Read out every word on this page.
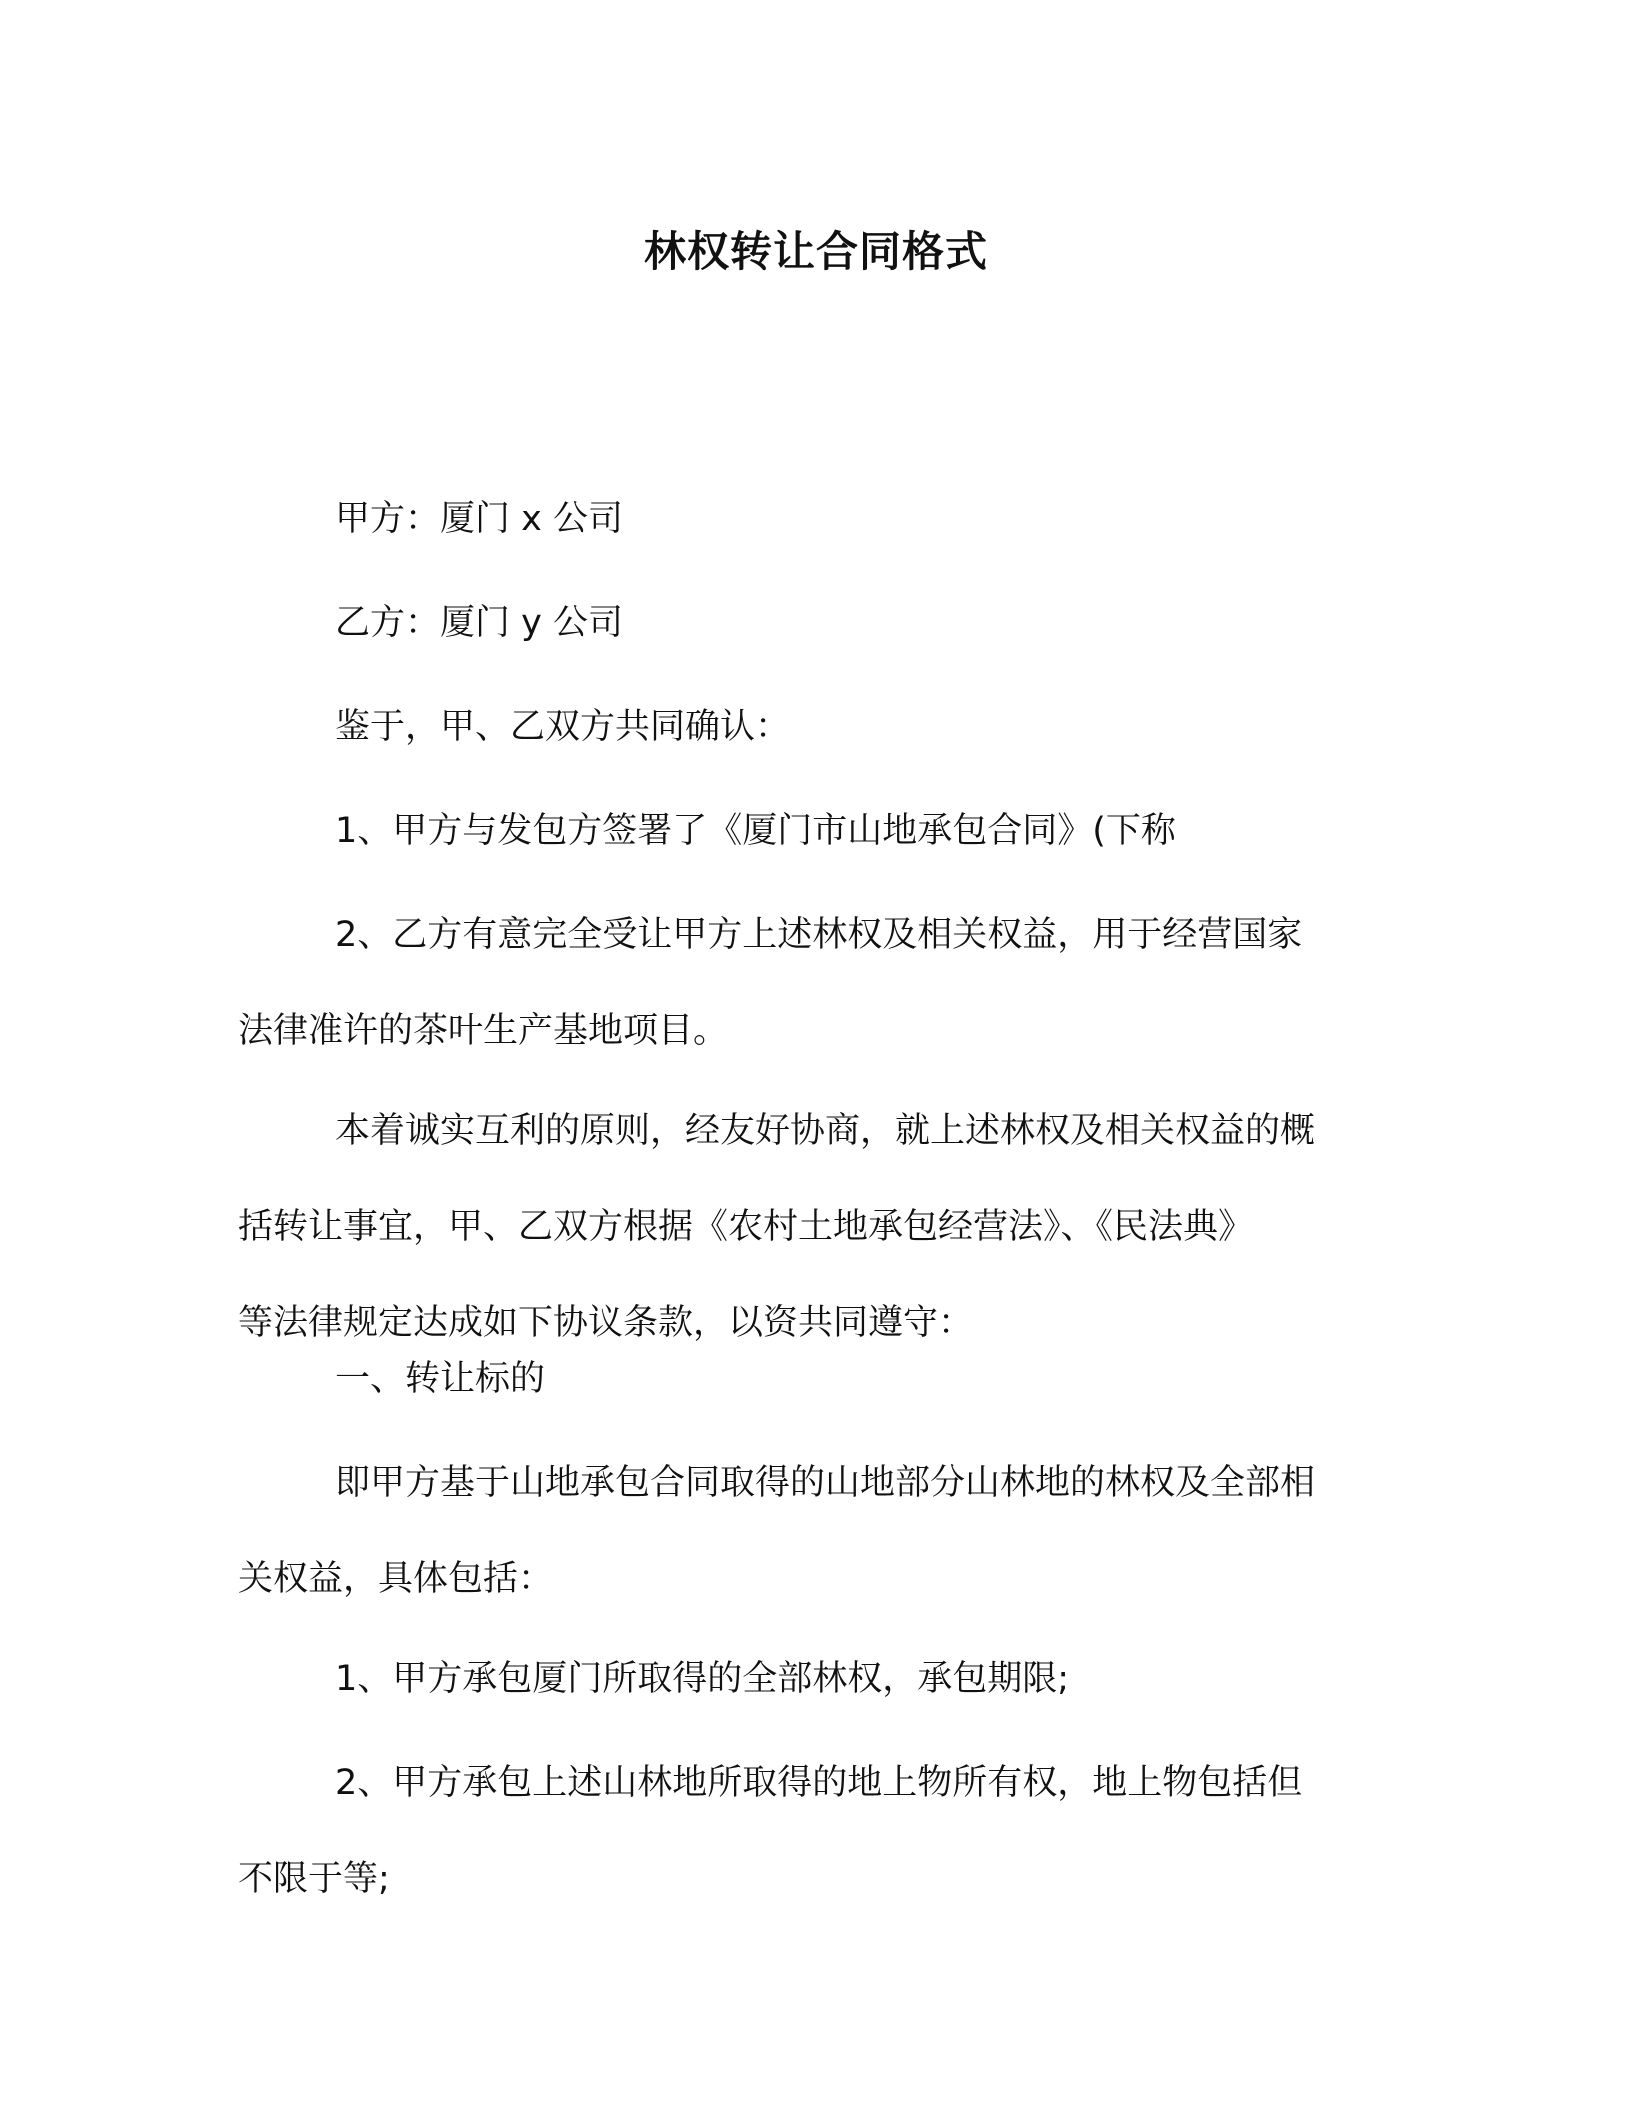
林权转让合同格式
甲方：厦门 x 公司
乙方：厦门 y 公司
鉴于，甲、乙双方共同确认：
1、甲方与发包方签署了《厦门市山地承包合同》(下称
2、乙方有意完全受让甲方上述林权及相关权益，用于经营国家
法律准许的茶叶生产基地项目。
本着诚实互利的原则，经友好协商，就上述林权及相关权益的概
括转让事宜，甲、乙双方根据《农村土地承包经营法》、《民法典》
等法律规定达成如下协议条款，以资共同遵守：
一、转让标的
即甲方基于山地承包合同取得的山地部分山林地的林权及全部相
关权益，具体包括：
1、甲方承包厦门所取得的全部林权，承包期限;
2、甲方承包上述山林地所取得的地上物所有权，地上物包括但
不限于等;
